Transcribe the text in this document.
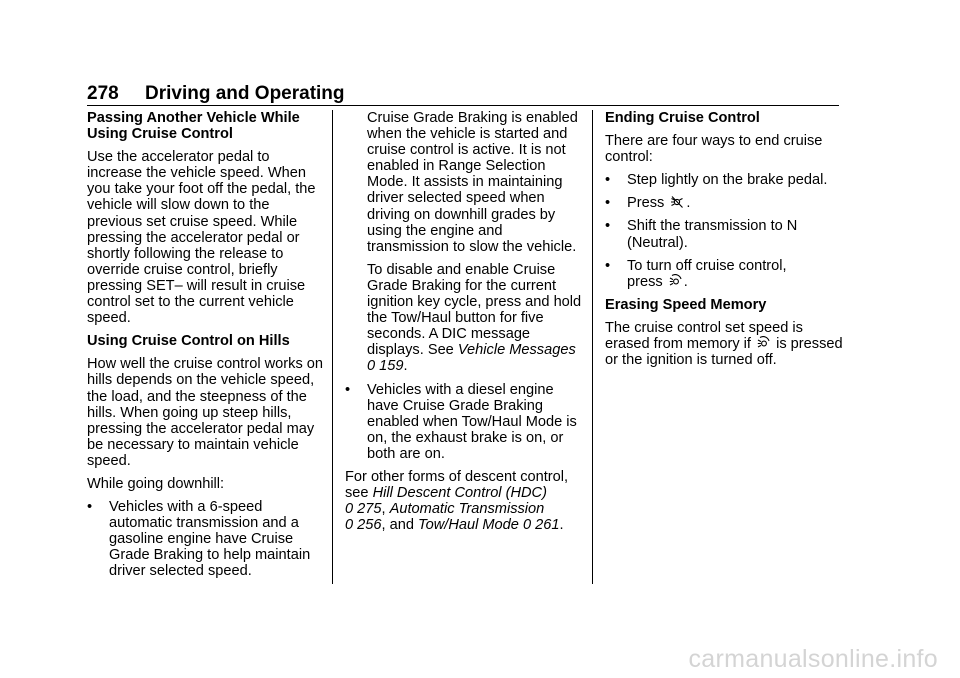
278 Driving and Operating
Passing Another Vehicle While Using Cruise Control

Use the accelerator pedal to increase the vehicle speed. When you take your foot off the pedal, the vehicle will slow down to the previous set cruise speed. While pressing the accelerator pedal or shortly following the release to override cruise control, briefly pressing SET– will result in cruise control set to the current vehicle speed.

Using Cruise Control on Hills

How well the cruise control works on hills depends on the vehicle speed, the load, and the steepness of the hills. When going up steep hills, pressing the accelerator pedal may be necessary to maintain vehicle speed.

While going downhill:

• Vehicles with a 6-speed automatic transmission and a gasoline engine have Cruise Grade Braking to help maintain driver selected speed.

Cruise Grade Braking is enabled when the vehicle is started and cruise control is active. It is not enabled in Range Selection Mode. It assists in maintaining driver selected speed when driving on downhill grades by using the engine and transmission to slow the vehicle.

To disable and enable Cruise Grade Braking for the current ignition key cycle, press and hold the Tow/Haul button for five seconds. A DIC message displays. See Vehicle Messages
0 159.

• Vehicles with a diesel engine have Cruise Grade Braking enabled when Tow/Haul Mode is on, the exhaust brake is on, or both are on.

For other forms of descent control, see Hill Descent Control (HDC)
0 275, Automatic Transmission
0 256, and Tow/Haul Mode 0 261.

Ending Cruise Control

There are four ways to end cruise control:

• Step lightly on the brake pedal.
• Press
.
• Shift the transmission to N (Neutral).
• To turn off cruise control,
press
.
Erasing Speed Memory

The cruise control set speed is erased from memory if
is pressed or the ignition is turned off.

carmanualsonline.info
